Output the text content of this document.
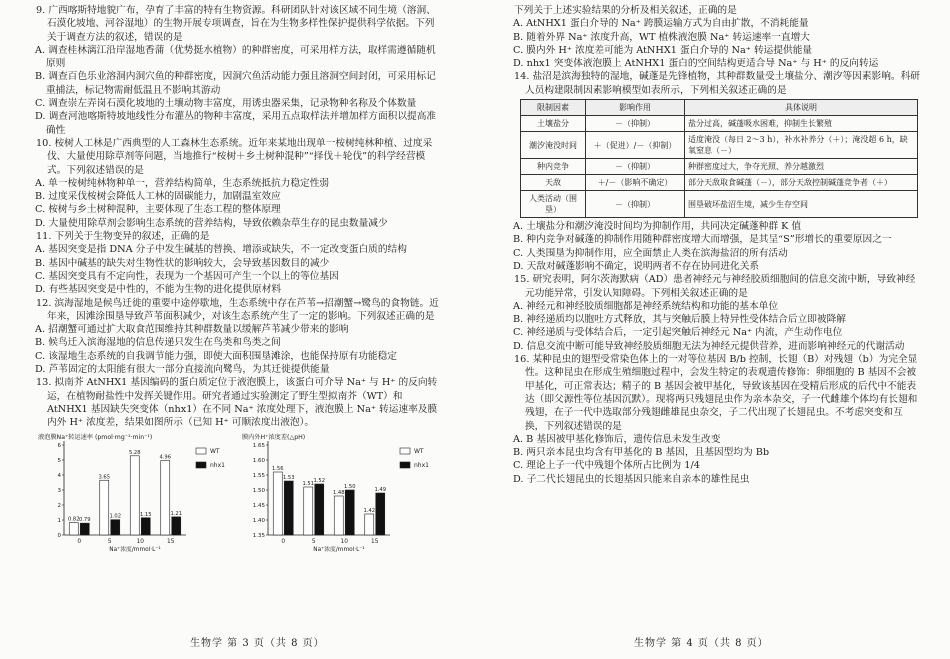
9. 广西喀斯特地貌广布，孕育了丰富的特有生物资源。科研团队针对该区域不同生境（溶洞、石漠化坡地、河谷湿地）的生物开展专项调查，旨在为生物多样性保护提供科学依据。下列关于调查方法的叙述，错误的是

A. 调查桂林漓江沿岸湿地香蒲（优势挺水植物）的种群密度，可采用样方法，取样需遵循随机原则

B. 调查百色乐业溶洞内洞穴鱼的种群密度，因洞穴鱼活动能力强且溶洞空间封闭，可采用标记重捕法，标记物需耐低温且不影响其游动

C. 调查崇左弄岗石漠化坡地的土壤动物丰富度，用诱虫器采集，记录物种名称及个体数量

D. 调查河池喀斯特坡地线性分布灌丛的物种丰富度，采用五点取样法并增加样方面积以提高准确性

10. 桉树人工林是广西典型的人工森林生态系统。近年来某地出现单一桉树纯林种植、过度采伐、大量使用除草剂等问题，当地推行“桉树＋乡土树种混种”“择伐＋轮伐”的科学经营模式。下列叙述错误的是

A. 单一桉树纯林物种单一，营养结构简单，生态系统抵抗力稳定性弱

B. 过度采伐桉树会降低人工林的固碳能力，加剧温室效应

C. 桉树与乡土树种混种，主要体现了生态工程的整体原理

D. 大量使用除草剂会影响生态系统的营养结构，导致依赖杂草生存的昆虫数量减少

11. 下列关于生物变异的叙述，正确的是

A. 基因突变是指 DNA 分子中发生碱基的替换、增添或缺失，不一定改变蛋白质的结构

B. 基因中碱基的缺失对生物性状的影响较大，会导致基因数目的减少

C. 基因突变具有不定向性，表现为一个基因可产生一个以上的等位基因

D. 有些基因突变是中性的，不能为生物的进化提供原材料

12. 滨海湿地是候鸟迁徙的重要中途停歇地，生态系统中存在芦苇→招潮蟹→鹭鸟的食物链。近年来，因滩涂围垦导致芦苇面积减少，对该生态系统产生了一定的影响。下列叙述正确的是

A. 招潮蟹可通过扩大取食范围维持其种群数量以缓解芦苇减少带来的影响

B. 候鸟迁入滨海湿地的信息传递只发生在鸟类和鸟类之间

C. 该湿地生态系统的自我调节能力强，即使大面积围垦滩涂，也能保持原有功能稳定

D. 芦苇固定的太阳能有很大一部分直接流向鹭鸟，为其迁徙提供能量

13. 拟南芥 AtNHX1 基因编码的蛋白质定位于液泡膜上，该蛋白可介导 Na⁺ 与 H⁺ 的反向转运，在植物耐盐性中发挥关键作用。研究者通过实验测定了野生型拟南芥（WT）和 AtNHX1 基因缺失突变体（nhx1）在不同 Na⁺ 浓度处理下，液泡膜上 Na⁺ 转运速率及膜内外 H⁺ 浓度差，结果如图所示（已知 H⁺ 可顺浓度出液泡）。

液泡膜Na⁺转运速率 (pmol·mg⁻¹·min⁻¹)
0
1
2
3
4
5
6
0
0.82 0.79
5
3.65
1.02
10
5.28
1.15
15
4.96
1.21
Na⁺浓度/mmol·L⁻¹
WT
nhx1
膜内外H⁺浓度差(△pH)
1.35
1.40
1.45
1.50
1.55
1.60
1.65
0
1.56
1.53
5
1.51 1.52
10
1.48
1.50
15
1.42
1.49
Na⁺浓度/mmol·L⁻¹
WT
nhx1

下列关于上述实验结果的分析及相关叙述，正确的是

A. AtNHX1 蛋白介导的 Na⁺ 跨膜运输方式为自由扩散，不消耗能量

B. 随着外界 Na⁺ 浓度升高，WT 植株液泡膜 Na⁺ 转运速率一直增大

C. 膜内外 H⁺ 浓度差可能为 AtNHX1 蛋白介导的 Na⁺ 转运提供能量

D. nhx1 突变体液泡膜上 AtNHX1 蛋白的空间结构更适合导 Na⁺ 与 H⁺ 的反向转运

14. 盐沼是滨海独特的湿地，碱蓬是先锋植物，其种群数量受土壤盐分、潮汐等因素影响。科研人员构建限制因素影响模型如表所示，下列相关叙述正确的是

限制因素	影响作用	具体说明
土壤盐分	－（抑制）	盐分过高，碱蓬吸水困难，抑制生长繁殖
潮汐淹没时间	＋（促进）/－（抑制）	适度淹没（每日 2～3 h），补水补养分（＋）；淹没超 6 h，缺氧窒息（－）
种内竞争	－（抑制）	种群密度过大，争夺光照、养分越激烈
天敌	＋/－（影响不确定）	部分天敌取食碱蓬（－），部分天敌控制碱蓬竞争者（＋）
人类活动（围垦）	－（抑制）	围垦破坏盐沼生境，减少生存空间

A. 土壤盐分和潮汐淹没时间均为抑制作用，共同决定碱蓬种群 K 值

B. 种内竞争对碱蓬的抑制作用随种群密度增大而增强，是其呈“S”形增长的重要原因之一

C. 人类围垦为抑制作用，应全面禁止人类在滨海盐沼的所有活动

D. 天敌对碱蓬影响不确定，说明两者不存在协同进化关系

15. 研究表明，阿尔茨海默病（AD）患者神经元与神经胶质细胞间的信息交流中断，导致神经元功能异常，引发认知障碍。下列相关叙述正确的是

A. 神经元和神经胶质细胞都是神经系统结构和功能的基本单位

B. 神经递质均以胞吐方式释放，其与突触后膜上特异性受体结合后立即被降解

C. 神经递质与受体结合后，一定引起突触后神经元 Na⁺ 内流，产生动作电位

D. 信息交流中断可能导致神经胶质细胞无法为神经元提供营养，进而影响神经元的代谢活动

16. 某种昆虫的翅型受常染色体上的一对等位基因 B/b 控制，长翅（B）对残翅（b）为完全显性。这种昆虫在形成生殖细胞过程中，会发生特定的表观遗传修饰：卵细胞的 B 基因不会被甲基化，可正常表达；精子的 B 基因会被甲基化，导致该基因在受精后形成的后代中不能表达（即父源性等位基因沉默）。现将两只残翅昆虫作为亲本杂交，子一代雌雄个体均有长翅和残翅，在子一代中选取部分残翅雌雄昆虫杂交，子二代出现了长翅昆虫。不考虑突变和互换，下列叙述错误的是

A. B 基因被甲基化修饰后，遗传信息未发生改变

B. 两只亲本昆虫均含有甲基化的 B 基因，且基因型均为 Bb

C. 理论上子一代中残翅个体所占比例为 1/4

D. 子二代长翅昆虫的长翅基因只能来自亲本的雄性昆虫

生物学 第 3 页（共 8 页）	生物学 第 4 页（共 8 页）
